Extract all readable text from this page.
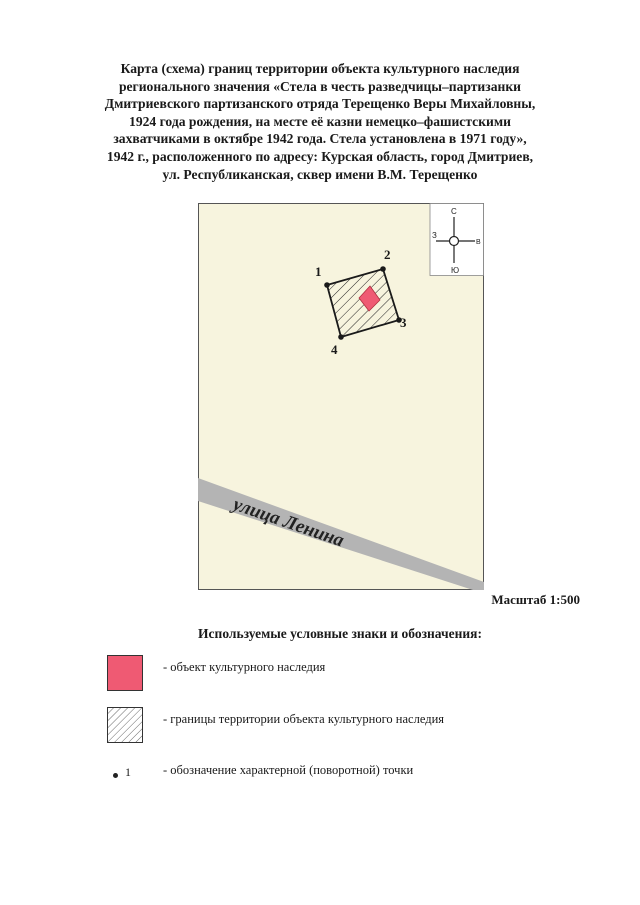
Карта (схема) границ территории объекта культурного наследия
регионального значения «Стела в честь разведчицы–партизанки
Дмитриевского партизанского отряда Терещенко Веры Михайловны,
1924 года рождения, на месте её казни немецко–фашистскими
захватчиками в октябре 1942 года. Стела установлена в 1971 году»,
1942 г., расположенного по адресу: Курская область, город Дмитриев,
ул. Республиканская, сквер имени В.М. Терещенко
улица Ленина
С
З
В
Ю
1
2
3
4
Масштаб 1:500
Используемые условные знаки и обозначения:
- объект культурного наследия
- границы территории объекта культурного наследия
1	- обозначение характерной (поворотной) точки
